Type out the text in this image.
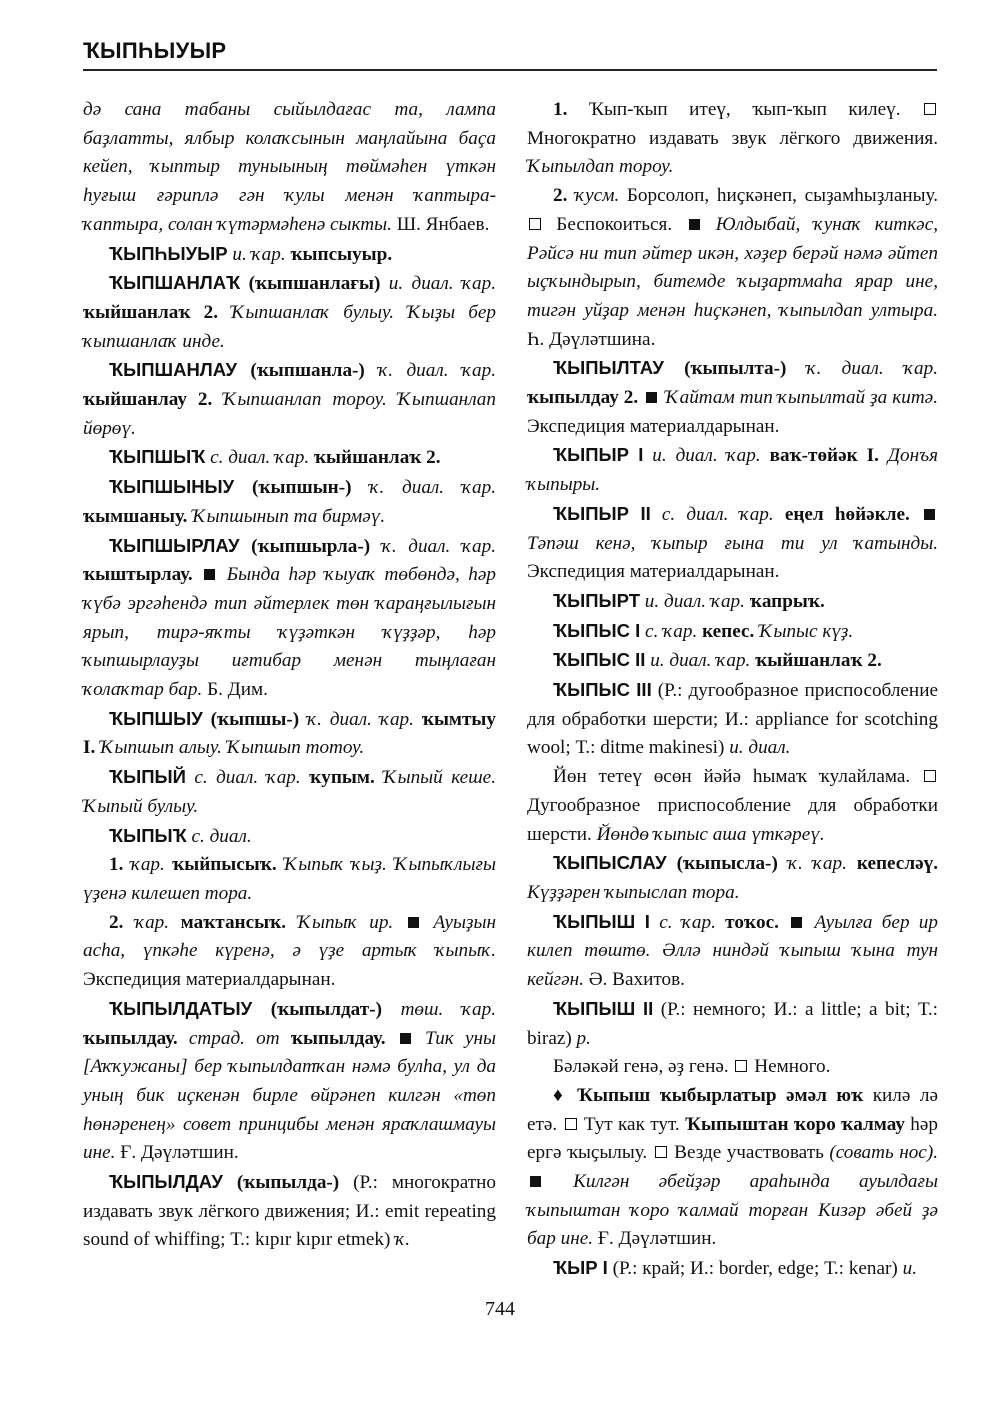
ҠЫПҺЫУЫР

дә сана табаны сыйылдағас та, лампа баҙлатты, ялбыр колаҡсынын маңлайына баҫа кейеп, ҡыптыр туныының төймәһен үткән һуғыш ғәриплә гән ҡулы менән ҡаптыра-ҡаптыра, солан ҡүтәрмәһенә сыкты. Ш. Янбаев.

ҠЫПҺЫУЫР и. ҡар. ҡыпсыуыр.

ҠЫПШАНЛАҠ (ҡыпшанлағы) и. диал. ҡар. ҡыйшанлаҡ 2. Ҡыпшанлаҡ булыу. Ҡыҙы бер ҡыпшанлаҡ инде.

ҠЫПШАНЛАУ (ҡыпшанла-) ҡ. диал. ҡар. ҡыйшанлау 2. Ҡыпшанлап тороу. Ҡыпшанлап йөрөү.

ҠЫПШЫҠ с. диал. ҡар. ҡыйшанлаҡ 2.

ҠЫПШЫНЫУ (ҡыпшын-) ҡ. диал. ҡар. ҡымшаныу. Ҡыпшынып та бирмәү.

ҠЫПШЫРЛАУ (ҡыпшырла-) ҡ. диал. ҡар. ҡыштырлау.  Бында һәр ҡыуаҡ төбөндә, һәр ҡүбә эргәһендә тип әйтерлек төн ҡараңғылығын ярып, тирә-яҡты ҡүҙәткән ҡүҙҙәр, һәр ҡыпшырлауҙы иғтибар менән тыңлаған ҡолаҡтар бар. Б. Дим.

ҠЫПШЫУ (ҡыпшы-) ҡ. диал. ҡар. ҡымтыу I. Ҡыпшып алыу. Ҡыпшып тотоу.

ҠЫПЫЙ с. диал. ҡар. ҡупым. Ҡыпый кеше. Ҡыпый булыу.

ҠЫПЫҠ с. диал.

1. ҡар. ҡыйпысыҡ. Ҡыпыҡ ҡыҙ. Ҡыпыҡлығы үҙенә килешеп тора.

2. ҡар. маҡтансыҡ. Ҡыпыҡ ир.  Ауыҙын асһа, үпкәһе күренә, ә үҙе артыҡ ҡыпыҡ. Экспедиция материалдарынан.

ҠЫПЫЛДАТЫУ (ҡыпылдат-) төш. ҡар. ҡыпылдау. страд. от ҡыпылдау.  Тик уны [Аҡҡужаны] бер ҡыпылдатҡан нәмә булһа, ул да уның бик иҫкенән бирле өйрәнеп килгән «төп һөнәренең» совет принцибы менән яраҡлашмауы ине. Ғ. Дәүләтшин.

ҠЫПЫЛДАУ (ҡыпылда-) (Р.: многократно издавать звук лёгкого движения; И.: emit repeating sound of whiffing; Т.: kıpır kıpır etmek) ҡ.

1. Ҡып-ҡып итеү, ҡып-ҡып килеү.  Многократно издавать звук лёгкого движения. Ҡыпылдап тороу.

2. ҡусм. Борсолоп, һиҫкәнеп, сыҙамһыҙланыу.  Беспокоиться.  Юлдыбай, ҡунаҡ киткәс, Рәйсә ни тип әйтер икән, хәҙер берәй нәмә әйтеп ыҫҡындырып, битемде ҡыҙартмаһа ярар ине, тигән уйҙар менән һиҫкәнеп, ҡыпылдап ултыра. Һ. Дәүләтшина.

ҠЫПЫЛТАУ (ҡыпылта-) ҡ. диал. ҡар. ҡыпылдау 2.  Ҡайтам тип ҡыпылтай ҙа китә. Экспедиция материалдарынан.

ҠЫПЫР I и. диал. ҡар. ваҡ-төйәк I. Донъя ҡыпыры.

ҠЫПЫР II с. диал. ҡар. еңел һөйәкле.  Тәпәш кенә, ҡыпыр ғына ти ул ҡатынды. Экспедиция материалдарынан.

ҠЫПЫРТ и. диал. ҡар. ҡапрыҡ.

ҠЫПЫС I с. ҡар. кепес. Ҡыпыс күҙ.

ҠЫПЫС II и. диал. ҡар. ҡыйшанлаҡ 2.

ҠЫПЫС III (Р.: дугообразное приспособление для обработки шерсти; И.: appliance for scotching wool; Т.: ditme makinesi) и. диал.

Йөн тетеү өсөн йәйә һымаҡ ҡулайлама.  Дугообразное приспособление для обработки шерсти. Йөндө ҡыпыс аша үткәреү.

ҠЫПЫСЛАУ (ҡыпысла-) ҡ. ҡар. кепесләү. Күҙҙәрен ҡыпыслап тора.

ҠЫПЫШ I с. ҡар. тоҡос.  Ауылға бер ир килеп төштө. Әллә ниндәй ҡыпыш ҡына тун кейгән. Ә. Вахитов.

ҠЫПЫШ II (Р.: немного; И.: a little; a bit; Т.: biraz) р.

Бәләкәй генә, әҙ генә.  Немного.

♦ Ҡыпыш ҡыбырлатыр әмәл юҡ килә лә етә.  Тут как тут. Ҡыпыштан ҡоро ҡалмау һәр ергә ҡыҫылыу.  Везде участвовать (совать нос).  Килгән әбейҙәр араһында ауылдағы ҡыпыштан ҡоро ҡалмай торған Кизәр әбей ҙә бар ине. Ғ. Дәүләтшин.

ҠЫР I (Р.: край; И.: border, edge; Т.: kenar) и.

744
